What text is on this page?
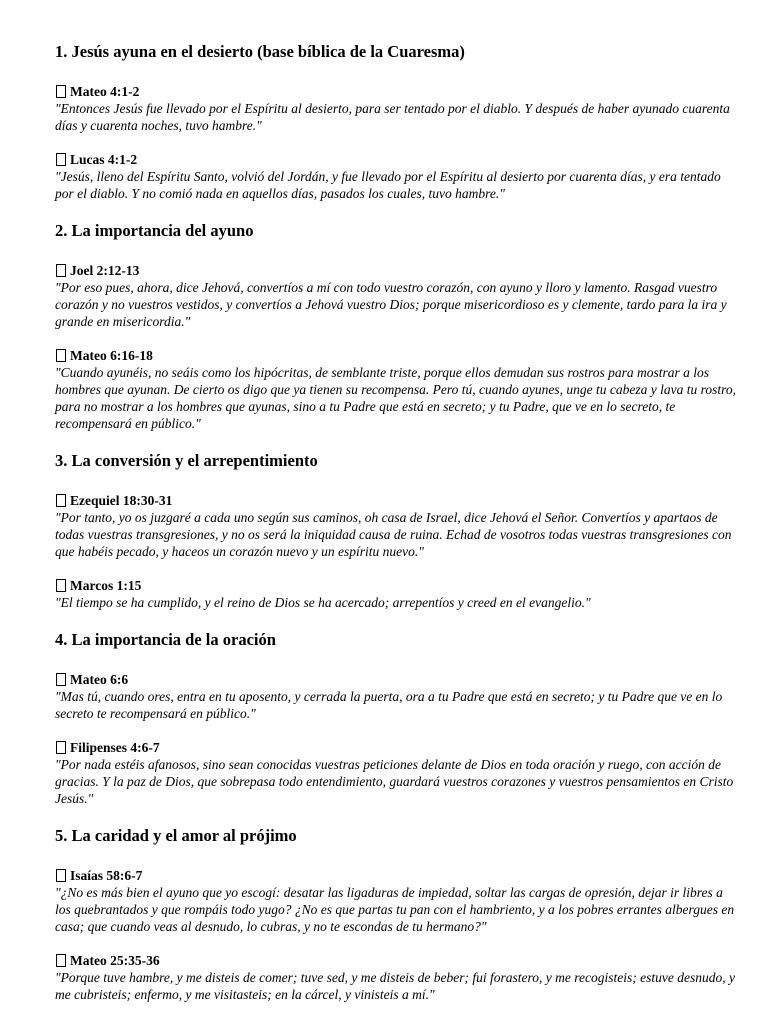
1. Jesús ayuna en el desierto (base bíblica de la Cuaresma)
Mateo 4:1-2

"Entonces Jesús fue llevado por el Espíritu al desierto, para ser tentado por el diablo. Y después de haber ayunado cuarenta días y cuarenta noches, tuvo hambre."

Lucas 4:1-2

"Jesús, lleno del Espíritu Santo, volvió del Jordán, y fue llevado por el Espíritu al desierto por cuarenta días, y era tentado por el diablo. Y no comió nada en aquellos días, pasados los cuales, tuvo hambre."

2. La importancia del ayuno
Joel 2:12-13

"Por eso pues, ahora, dice Jehová, convertíos a mí con todo vuestro corazón, con ayuno y lloro y lamento. Rasgad vuestro corazón y no vuestros vestidos, y convertíos a Jehová vuestro Dios; porque misericordioso es y clemente, tardo para la ira y grande en misericordia."

Mateo 6:16-18

"Cuando ayunéis, no seáis como los hipócritas, de semblante triste, porque ellos demudan sus rostros para mostrar a los hombres que ayunan. De cierto os digo que ya tienen su recompensa. Pero tú, cuando ayunes, unge tu cabeza y lava tu rostro, para no mostrar a los hombres que ayunas, sino a tu Padre que está en secreto; y tu Padre, que ve en lo secreto, te recompensará en público."

3. La conversión y el arrepentimiento
Ezequiel 18:30-31

"Por tanto, yo os juzgaré a cada uno según sus caminos, oh casa de Israel, dice Jehová el Señor. Convertíos y apartaos de todas vuestras transgresiones, y no os será la iniquidad causa de ruina. Echad de vosotros todas vuestras transgresiones con que habéis pecado, y haceos un corazón nuevo y un espíritu nuevo."

Marcos 1:15

"El tiempo se ha cumplido, y el reino de Dios se ha acercado; arrepentíos y creed en el evangelio."

4. La importancia de la oración
Mateo 6:6

"Mas tú, cuando ores, entra en tu aposento, y cerrada la puerta, ora a tu Padre que está en secreto; y tu Padre que ve en lo secreto te recompensará en público."

Filipenses 4:6-7

"Por nada estéis afanosos, sino sean conocidas vuestras peticiones delante de Dios en toda oración y ruego, con acción de gracias. Y la paz de Dios, que sobrepasa todo entendimiento, guardará vuestros corazones y vuestros pensamientos en Cristo Jesús."

5. La caridad y el amor al prójimo
Isaías 58:6-7

"¿No es más bien el ayuno que yo escogí: desatar las ligaduras de impiedad, soltar las cargas de opresión, dejar ir libres a los quebrantados y que rompáis todo yugo? ¿No es que partas tu pan con el hambriento, y a los pobres errantes albergues en casa; que cuando veas al desnudo, lo cubras, y no te escondas de tu hermano?"

Mateo 25:35-36

"Porque tuve hambre, y me disteis de comer; tuve sed, y me disteis de beber; fui forastero, y me recogisteis; estuve desnudo, y me cubristeis; enfermo, y me visitasteis; en la cárcel, y vinisteis a mí."
